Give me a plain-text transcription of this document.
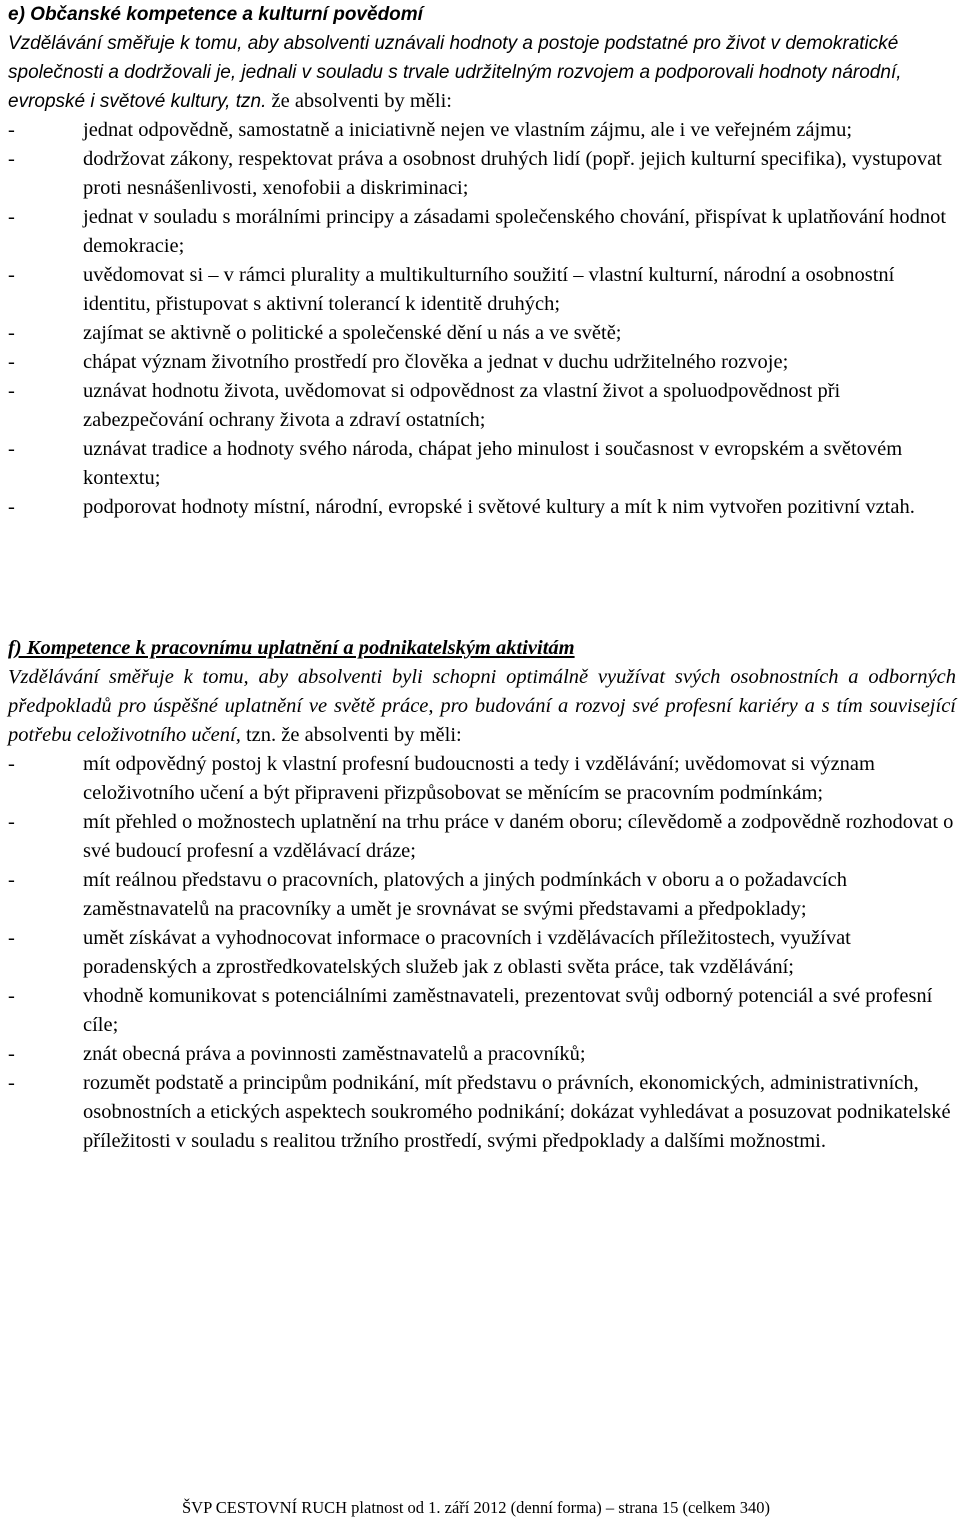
e) Občanské kompetence a kulturní povědomí
Vzdělávání směřuje k tomu, aby absolventi uznávali hodnoty a postoje podstatné pro život v demokratické společnosti a dodržovali je, jednali v souladu s trvale udržitelným rozvojem a podporovali hodnoty národní, evropské i světové kultury, tzn. že absolventi by měli:
-	jednat odpovědně, samostatně a iniciativně nejen ve vlastním zájmu, ale i ve veřejném zájmu;
-	dodržovat zákony, respektovat práva a osobnost druhých lidí (popř. jejich kulturní specifika), vystupovat proti nesnášenlivosti, xenofobii a diskriminaci;
-	jednat v souladu s morálními principy a zásadami společenského chování, přispívat k uplatňování hodnot demokracie;
-	uvědomovat si – v rámci plurality a multikulturního soužití – vlastní kulturní, národní a osobnostní identitu, přistupovat s aktivní tolerancí k identitě druhých;
-	zajímat se aktivně o politické a společenské dění u nás a ve světě;
-	chápat význam životního prostředí pro člověka a jednat v duchu udržitelného rozvoje;
-	uznávat hodnotu života, uvědomovat si odpovědnost za vlastní život a spoluodpovědnost při zabezpečování ochrany života a zdraví ostatních;
-	uznávat tradice a hodnoty svého národa, chápat jeho minulost i současnost v evropském a světovém kontextu;
-	podporovat hodnoty místní, národní, evropské i světové kultury a mít k nim vytvořen pozitivní vztah.
f) Kompetence k pracovnímu uplatnění a podnikatelským aktivitám
Vzdělávání směřuje k tomu, aby absolventi byli schopni optimálně využívat svých osobnostních a odborných předpokladů pro úspěšné uplatnění ve světě práce, pro budování a rozvoj své profesní kariéry a s tím související potřebu celoživotního učení, tzn. že absolventi by měli:
-	mít odpovědný postoj k vlastní profesní budoucnosti a tedy i vzdělávání; uvědomovat si význam celoživotního učení a být připraveni přizpůsobovat se měnícím se pracovním podmínkám;
-	mít přehled o možnostech uplatnění na trhu práce v daném oboru; cílevědomě a zodpovědně rozhodovat o své budoucí profesní a vzdělávací dráze;
-	mít reálnou představu o pracovních, platových a jiných podmínkách v oboru a o požadavcích zaměstnavatelů na pracovníky a umět je srovnávat se svými představami a předpoklady;
-	umět získávat a vyhodnocovat informace o pracovních i vzdělávacích příležitostech, využívat poradenských a zprostředkovatelských služeb jak z oblasti světa práce, tak vzdělávání;
-	vhodně komunikovat s potenciálními zaměstnavateli, prezentovat svůj odborný potenciál a své profesní cíle;
-	znát obecná práva a povinnosti zaměstnavatelů a pracovníků;
-	rozumět podstatě a principům podnikání, mít představu o právních, ekonomických, administrativních, osobnostních a etických aspektech soukromého podnikání; dokázat vyhledávat a posuzovat podnikatelské příležitosti v souladu s realitou tržního prostředí, svými předpoklady a dalšími možnostmi.
ŠVP CESTOVNÍ RUCH platnost od 1. září 2012 (denní forma) – strana 15 (celkem 340)
